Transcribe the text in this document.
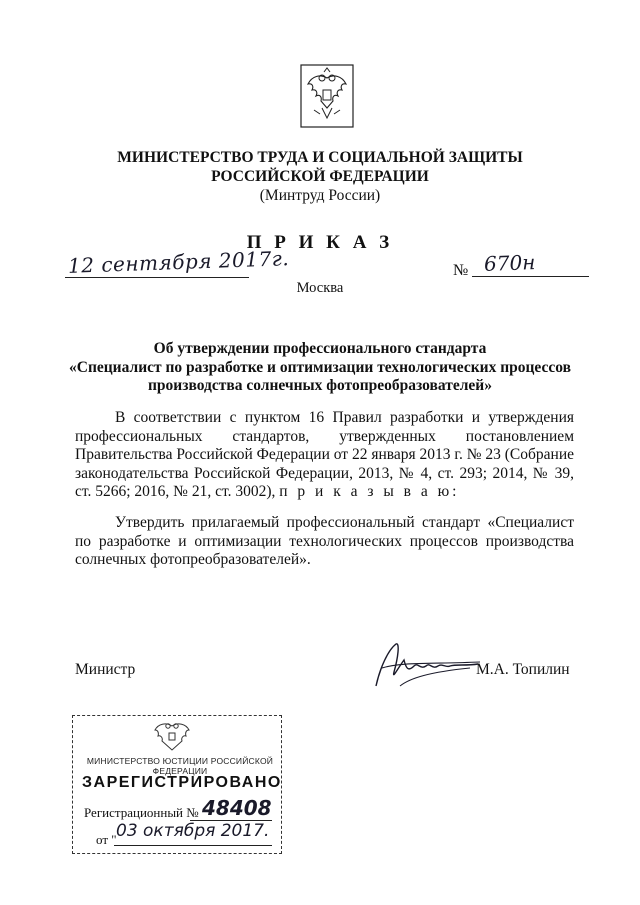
МИНИСТЕРСТВО ТРУДА И СОЦИАЛЬНОЙ ЗАЩИТЫ
РОССИЙСКОЙ ФЕДЕРАЦИИ
(Минтруд России)
П Р И К А З
12 сентября 2017г.	№ 670н
Москва
Об утверждении профессионального стандарта
«Специалист по разработке и оптимизации технологических процессов
производства солнечных фотопреобразователей»
В соответствии с пунктом 16 Правил разработки и утверждения профессиональных стандартов, утвержденных постановлением Правительства Российской Федерации от 22 января 2013 г. № 23 (Собрание законодательства Российской Федерации, 2013, № 4, ст. 293; 2014, № 39, ст. 5266; 2016, № 21, ст. 3002), п р и к а з ы в а ю:
Утвердить прилагаемый профессиональный стандарт «Специалист по разработке и оптимизации технологических процессов производства солнечных фотопреобразователей».
Министр	М.А. Топилин
МИНИСТЕРСТВО ЮСТИЦИИ РОССИЙСКОЙ ФЕДЕРАЦИИ
ЗАРЕГИСТРИРОВАНО
Регистрационный № 48408
от " 03 октября 2017.
